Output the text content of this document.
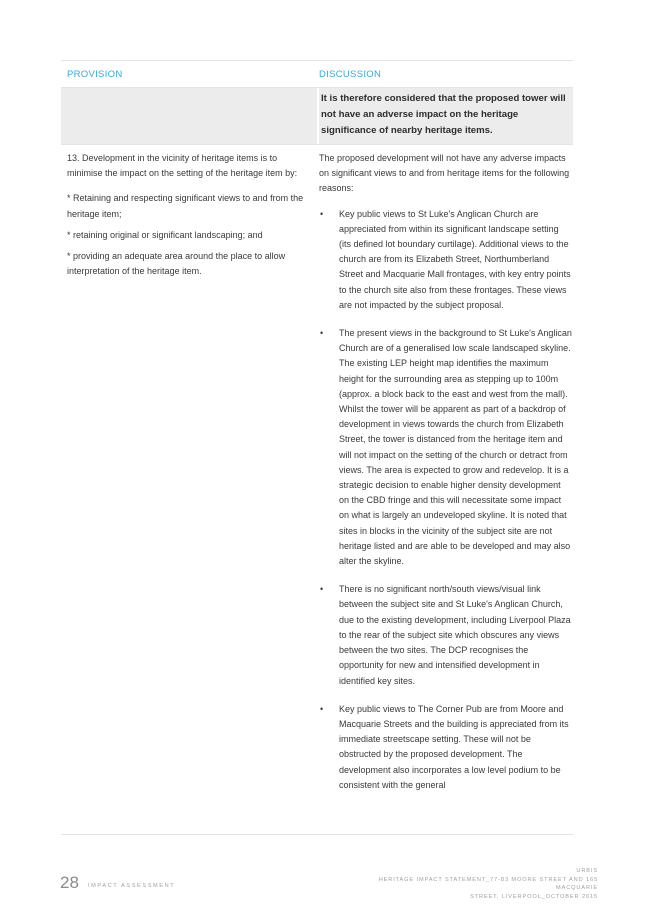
PROVISION	DISCUSSION
It is therefore considered that the proposed tower will not have an adverse impact on the heritage significance of nearby heritage items.

13. Development in the vicinity of heritage items is to minimise the impact on the setting of the heritage item by:

* Retaining and respecting significant views to and from the heritage item;

* retaining original or significant landscaping; and

* providing an adequate area around the place to allow interpretation of the heritage item.

The proposed development will not have any adverse impacts on significant views to and from heritage items for the following reasons:

• Key public views to St Luke's Anglican Church are appreciated from within its significant landscape setting (its defined lot boundary curtilage). Additional views to the church are from its Elizabeth Street, Northumberland Street and Macquarie Mall frontages, with key entry points to the church site also from these frontages. These views are not impacted by the subject proposal.
• The present views in the background to St Luke's Anglican Church are of a generalised low scale landscaped skyline. The existing LEP height map identifies the maximum height for the surrounding area as stepping up to 100m (approx. a block back to the east and west from the mall). Whilst the tower will be apparent as part of a backdrop of development in views towards the church from Elizabeth Street, the tower is distanced from the heritage item and will not impact on the setting of the church or detract from views. The area is expected to grow and redevelop. It is a strategic decision to enable higher density development on the CBD fringe and this will necessitate some impact on what is largely an undeveloped skyline. It is noted that sites in blocks in the vicinity of the subject site are not heritage listed and are able to be developed and may also alter the skyline.
• There is no significant north/south views/visual link between the subject site and St Luke's Anglican Church, due to the existing development, including Liverpool Plaza to the rear of the subject site which obscures any views between the two sites. The DCP recognises the opportunity for new and intensified development in identified key sites.
• Key public views to The Corner Pub are from Moore and Macquarie Streets and the building is appreciated from its immediate streetscape setting. These will not be obstructed by the proposed development. The development also incorporates a low level podium to be consistent with the general
28 IMPACT ASSESSMENT
URBIS
HERITAGE IMPACT STATEMENT_77-83 MOORE STREET AND 165 MACQUARIE
STREET, LIVERPOOL_OCTOBER 2015
